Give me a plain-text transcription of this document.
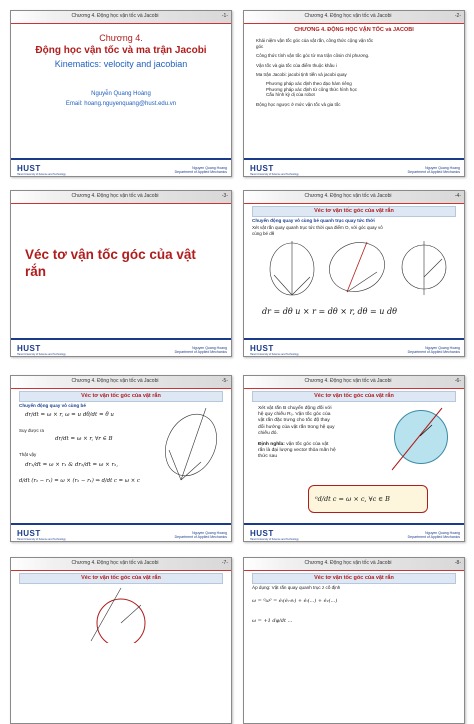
Chương 4. Động học vận tốc và Jacobi	-1-
Chương 4.
Động học vận tốc và ma trận Jacobi
Kinematics: velocity and jacobian
Nguyễn Quang Hoàng
Email: hoang.nguyenquang@hust.edu.vn
HUST
Hanoi University of Science and Technology
Nguyen Quang Hoang
Department of Applied Mechanics
Chương 4. Động học vận tốc và Jacobi	-2-
CHƯƠNG 4. ĐỘNG HỌC VẬN TỐC và JACOBI
Khái niệm vận tốc góc của vật rắn, công thức cộng vận tốc
góc
Công thức tính vận tốc góc từ ma trận côsin chỉ phương.
Vận tốc và gia tốc của điểm thuộc khâu i
Ma trận Jacobi: jacobi tịnh tiến và jacobi quay
Phương pháp xác định theo đạo hàm riêng
Phương pháp xác định từ công thức hình học
Cấu hình kỳ dị của robot
Động học ngược ở mức vận tốc và gia tốc
HUST
Hanoi University of Science and Technology
Nguyen Quang Hoang
Department of Applied Mechanics
Chương 4. Động học vận tốc và Jacobi	-3-
Véc tơ vận tốc góc của vật rắn
HUST
Hanoi University of Science and Technology
Nguyen Quang Hoang
Department of Applied Mechanics
Chương 4. Động học vận tốc và Jacobi	-4-
Véc tơ vận tốc góc của vật rắn
Chuyển động quay vô cùng bé quanh trục quay tức thời
Xét vật rắn quay quanh trục tức thời qua điểm O, với góc quay vô
cùng bé dθ
dr = dθ u × r = dθ × r, dθ = u dθ
HUST
Hanoi University of Science and Technology
Nguyen Quang Hoang
Department of Applied Mechanics
Chương 4. Động học vận tốc và Jacobi	-5-
Véc tơ vận tốc góc của vật rắn
Chuyển động quay vô cùng bé
dr/dt = ω × r, ω = u dθ/dt = θ̇ u
Suy được ra
dr/dt = ω × r, ∀r ∈ B
Thật vậy
dr₁/dt = ω × r₁ & dr₂/dt = ω × r₂,
d/dt (r₂ − r₁) = ω × (r₂ − r₁) ⇒ d/dt c = ω × c
HUST
Hanoi University of Science and Technology
Nguyen Quang Hoang
Department of Applied Mechanics
Chương 4. Động học vận tốc và Jacobi	-6-
Véc tơ vận tốc góc của vật rắn
Xét vật rắn B chuyển động đối với
hệ quy chiếu R₀. Vận tốc góc của
vật rắn đặc trưng cho tốc độ thay
đổi hướng của vật rắn trong hệ quy
chiếu đó.
Định nghĩa: vận tốc góc của vật
rắn là đại lượng vector thỏa mãn hệ
thức sau
⁰d/dt c = ω × c, ∀c ∈ B
HUST
Hanoi University of Science and Technology
Nguyen Quang Hoang
Department of Applied Mechanics
Chương 4. Động học vận tốc và Jacobi	-7-
Véc tơ vận tốc góc của vật rắn
Chương 4. Động học vận tốc và Jacobi	-8-
Véc tơ vận tốc góc của vật rắn
Áp dụng: Vật rắn quay quanh trục z cố định
ω = ⁰ω⁰ = ėᵢ(ėᵢ·eᵢ) + ėᵢ(...) + ė₂(...)
ω = +1 dφ/dt ...
